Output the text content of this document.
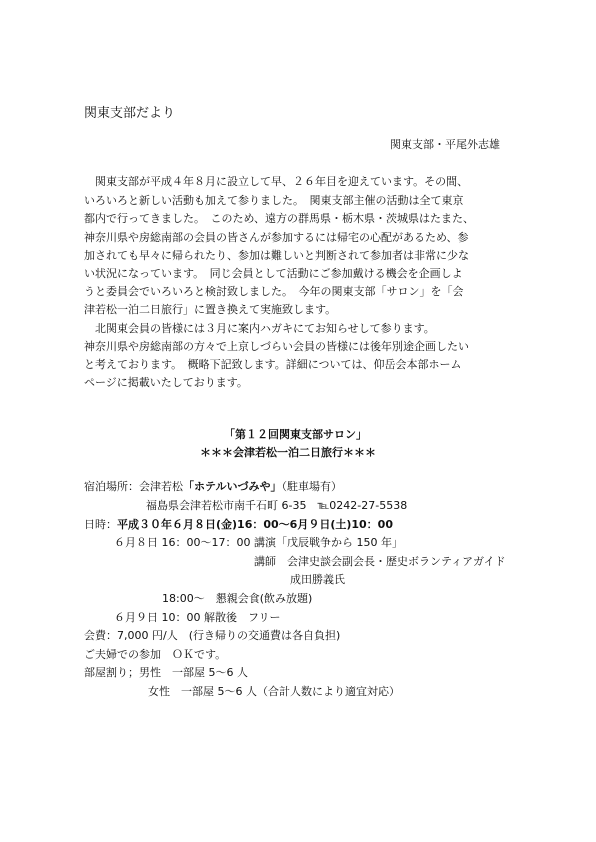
関東支部だより
関東支部・平尾外志雄
　関東支部が平成４年８月に設立して早、２６年目を迎えています。その間、
いろいろと新しい活動も加えて参りました。　関東支部主催の活動は全て東京
都内で行ってきました。　このため、遠方の群馬県・栃木県・茨城県はたまた、
神奈川県や房総南部の会員の皆さんが参加するには帰宅の心配があるため、参
加されても早々に帰られたり、参加は難しいと判断されて参加者は非常に少な
い状況になっています。　同じ会員として活動にご参加戴ける機会を企画しよ
うと委員会でいろいろと検討致しました。　今年の関東支部「サロン」を「会
津若松一泊二日旅行」に置き換えて実施致します。
　北関東会員の皆様には３月に案内ハガキにてお知らせして参ります。
神奈川県や房総南部の方々で上京しづらい会員の皆様には後年別途企画したい
と考えております。　概略下記致します。詳細については、仰岳会本部ホーム
ページに掲載いたしております。
「第１２回関東支部サロン」
＊＊＊会津若松一泊二日旅行＊＊＊
宿泊場所：会津若松「ホテルいづみや」（駐車場有）
福島県会津若松市南千石町 6-35　℡0242-27-5538
日時：平成３０年６月８日(金)16：00～6月９日(土)10：00
６月８日 16：00～17：00 講演「戊辰戦争から 150 年」
講師　会津史談会副会長・歴史ボランティアガイド
成田勝義氏
18:00～　懇親会食(飲み放題)
６月９日 10：00 解散後　フリー
会費：7,000 円/人　(行き帰りの交通費は各自負担)
ご夫婦での参加　ＯＫです。
部屋割り；男性　一部屋 5～6 人
女性　一部屋 5～6 人（合計人数により適宜対応）
